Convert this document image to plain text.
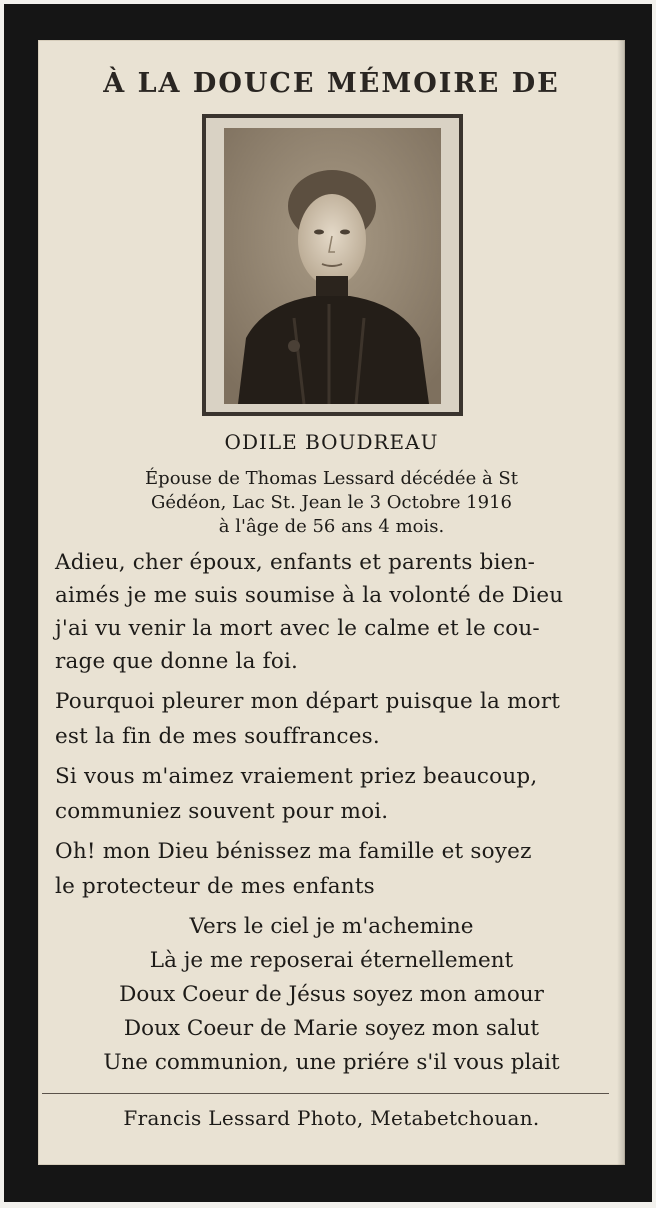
À LA DOUCE MÉMOIRE DE
ODILE BOUDREAU
Épouse de Thomas Lessard décédée à St
Gédéon, Lac St. Jean le 3 Octobre 1916
à l'âge de 56 ans 4 mois.
Adieu, cher époux, enfants et parents bien-
aimés je me suis soumise à la volonté de Dieu
j'ai vu venir la mort avec le calme et le cou-
rage que donne la foi.
Pourquoi pleurer mon départ puisque la mort
est la fin de mes souffrances.
Si vous m'aimez vraiement priez beaucoup,
communiez souvent pour moi.
Oh! mon Dieu bénissez ma famille et soyez
le protecteur de mes enfants
Vers le ciel je m'achemine
Là je me reposerai éternellement
Doux Coeur de Jésus soyez mon amour
Doux Coeur de Marie soyez mon salut
Une communion, une priére s'il vous plait
Francis Lessard Photo, Metabetchouan.
